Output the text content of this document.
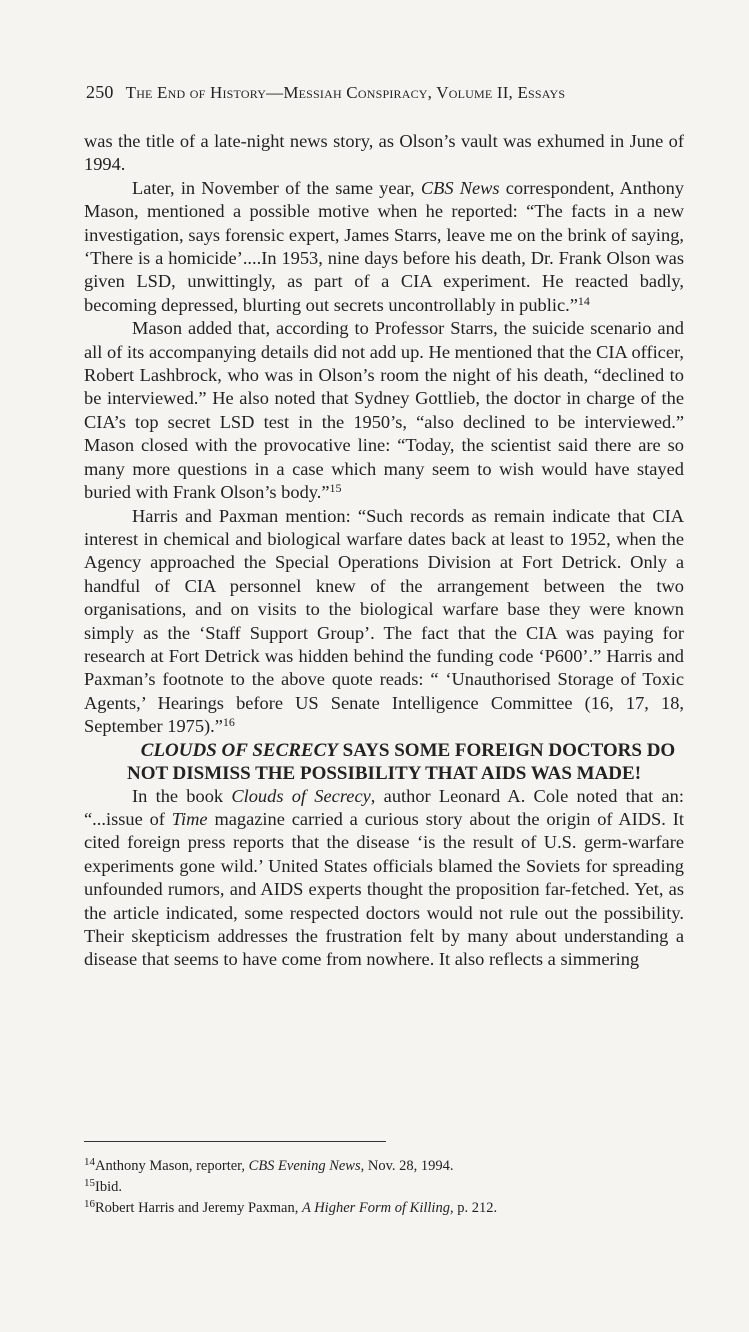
250 The End of History—Messiah Conspiracy, Volume II, Essays

was the title of a late-night news story, as Olson’s vault was exhumed in June of 1994.

Later, in November of the same year, CBS News correspondent, Anthony Mason, mentioned a possible motive when he reported: “The facts in a new investigation, says forensic expert, James Starrs, leave me on the brink of saying, ‘There is a homicide’....In 1953, nine days before his death, Dr. Frank Olson was given LSD, unwittingly, as part of a CIA experiment. He reacted badly, becoming depressed, blurting out secrets uncontrollably in public.”$^{14}$

Mason added that, according to Professor Starrs, the suicide scenario and all of its accompanying details did not add up. He mentioned that the CIA officer, Robert Lashbrock, who was in Olson’s room the night of his death, “declined to be interviewed.” He also noted that Sydney Gottlieb, the doctor in charge of the CIA’s top secret LSD test in the 1950’s, “also declined to be interviewed.” Mason closed with the provocative line: “Today, the scientist said there are so many more questions in a case which many seem to wish would have stayed buried with Frank Olson’s body.”$^{15}$

Harris and Paxman mention: “Such records as remain indicate that CIA interest in chemical and biological warfare dates back at least to 1952, when the Agency approached the Special Operations Division at Fort Detrick. Only a handful of CIA personnel knew of the arrangement between the two organisations, and on visits to the biological warfare base they were known simply as the ‘Staff Support Group’. The fact that the CIA was paying for research at Fort Detrick was hidden behind the funding code ‘P600’.” Harris and Paxman’s footnote to the above quote reads: “ ‘Unauthorised Storage of Toxic Agents,’ Hearings before US Senate Intelligence Committee (16, 17, 18, September 1975).”$^{16}$

CLOUDS OF SECRECY SAYS SOME FOREIGN DOCTORS DO NOT DISMISS THE POSSIBILITY THAT AIDS WAS MADE!

In the book Clouds of Secrecy, author Leonard A. Cole noted that an: “...issue of Time magazine carried a curious story about the origin of AIDS. It cited foreign press reports that the disease ‘is the result of U.S. germ-warfare experiments gone wild.’ United States officials blamed the Soviets for spreading unfounded rumors, and AIDS experts thought the proposition far-fetched. Yet, as the article indicated, some respected doctors would not rule out the possibility. Their skepticism addresses the frustration felt by many about understanding a disease that seems to have come from nowhere. It also reflects a simmering

$^{14}$Anthony Mason, reporter, CBS Evening News, Nov. 28, 1994.
$^{15}$Ibid.
$^{16}$Robert Harris and Jeremy Paxman, A Higher Form of Killing, p. 212.
